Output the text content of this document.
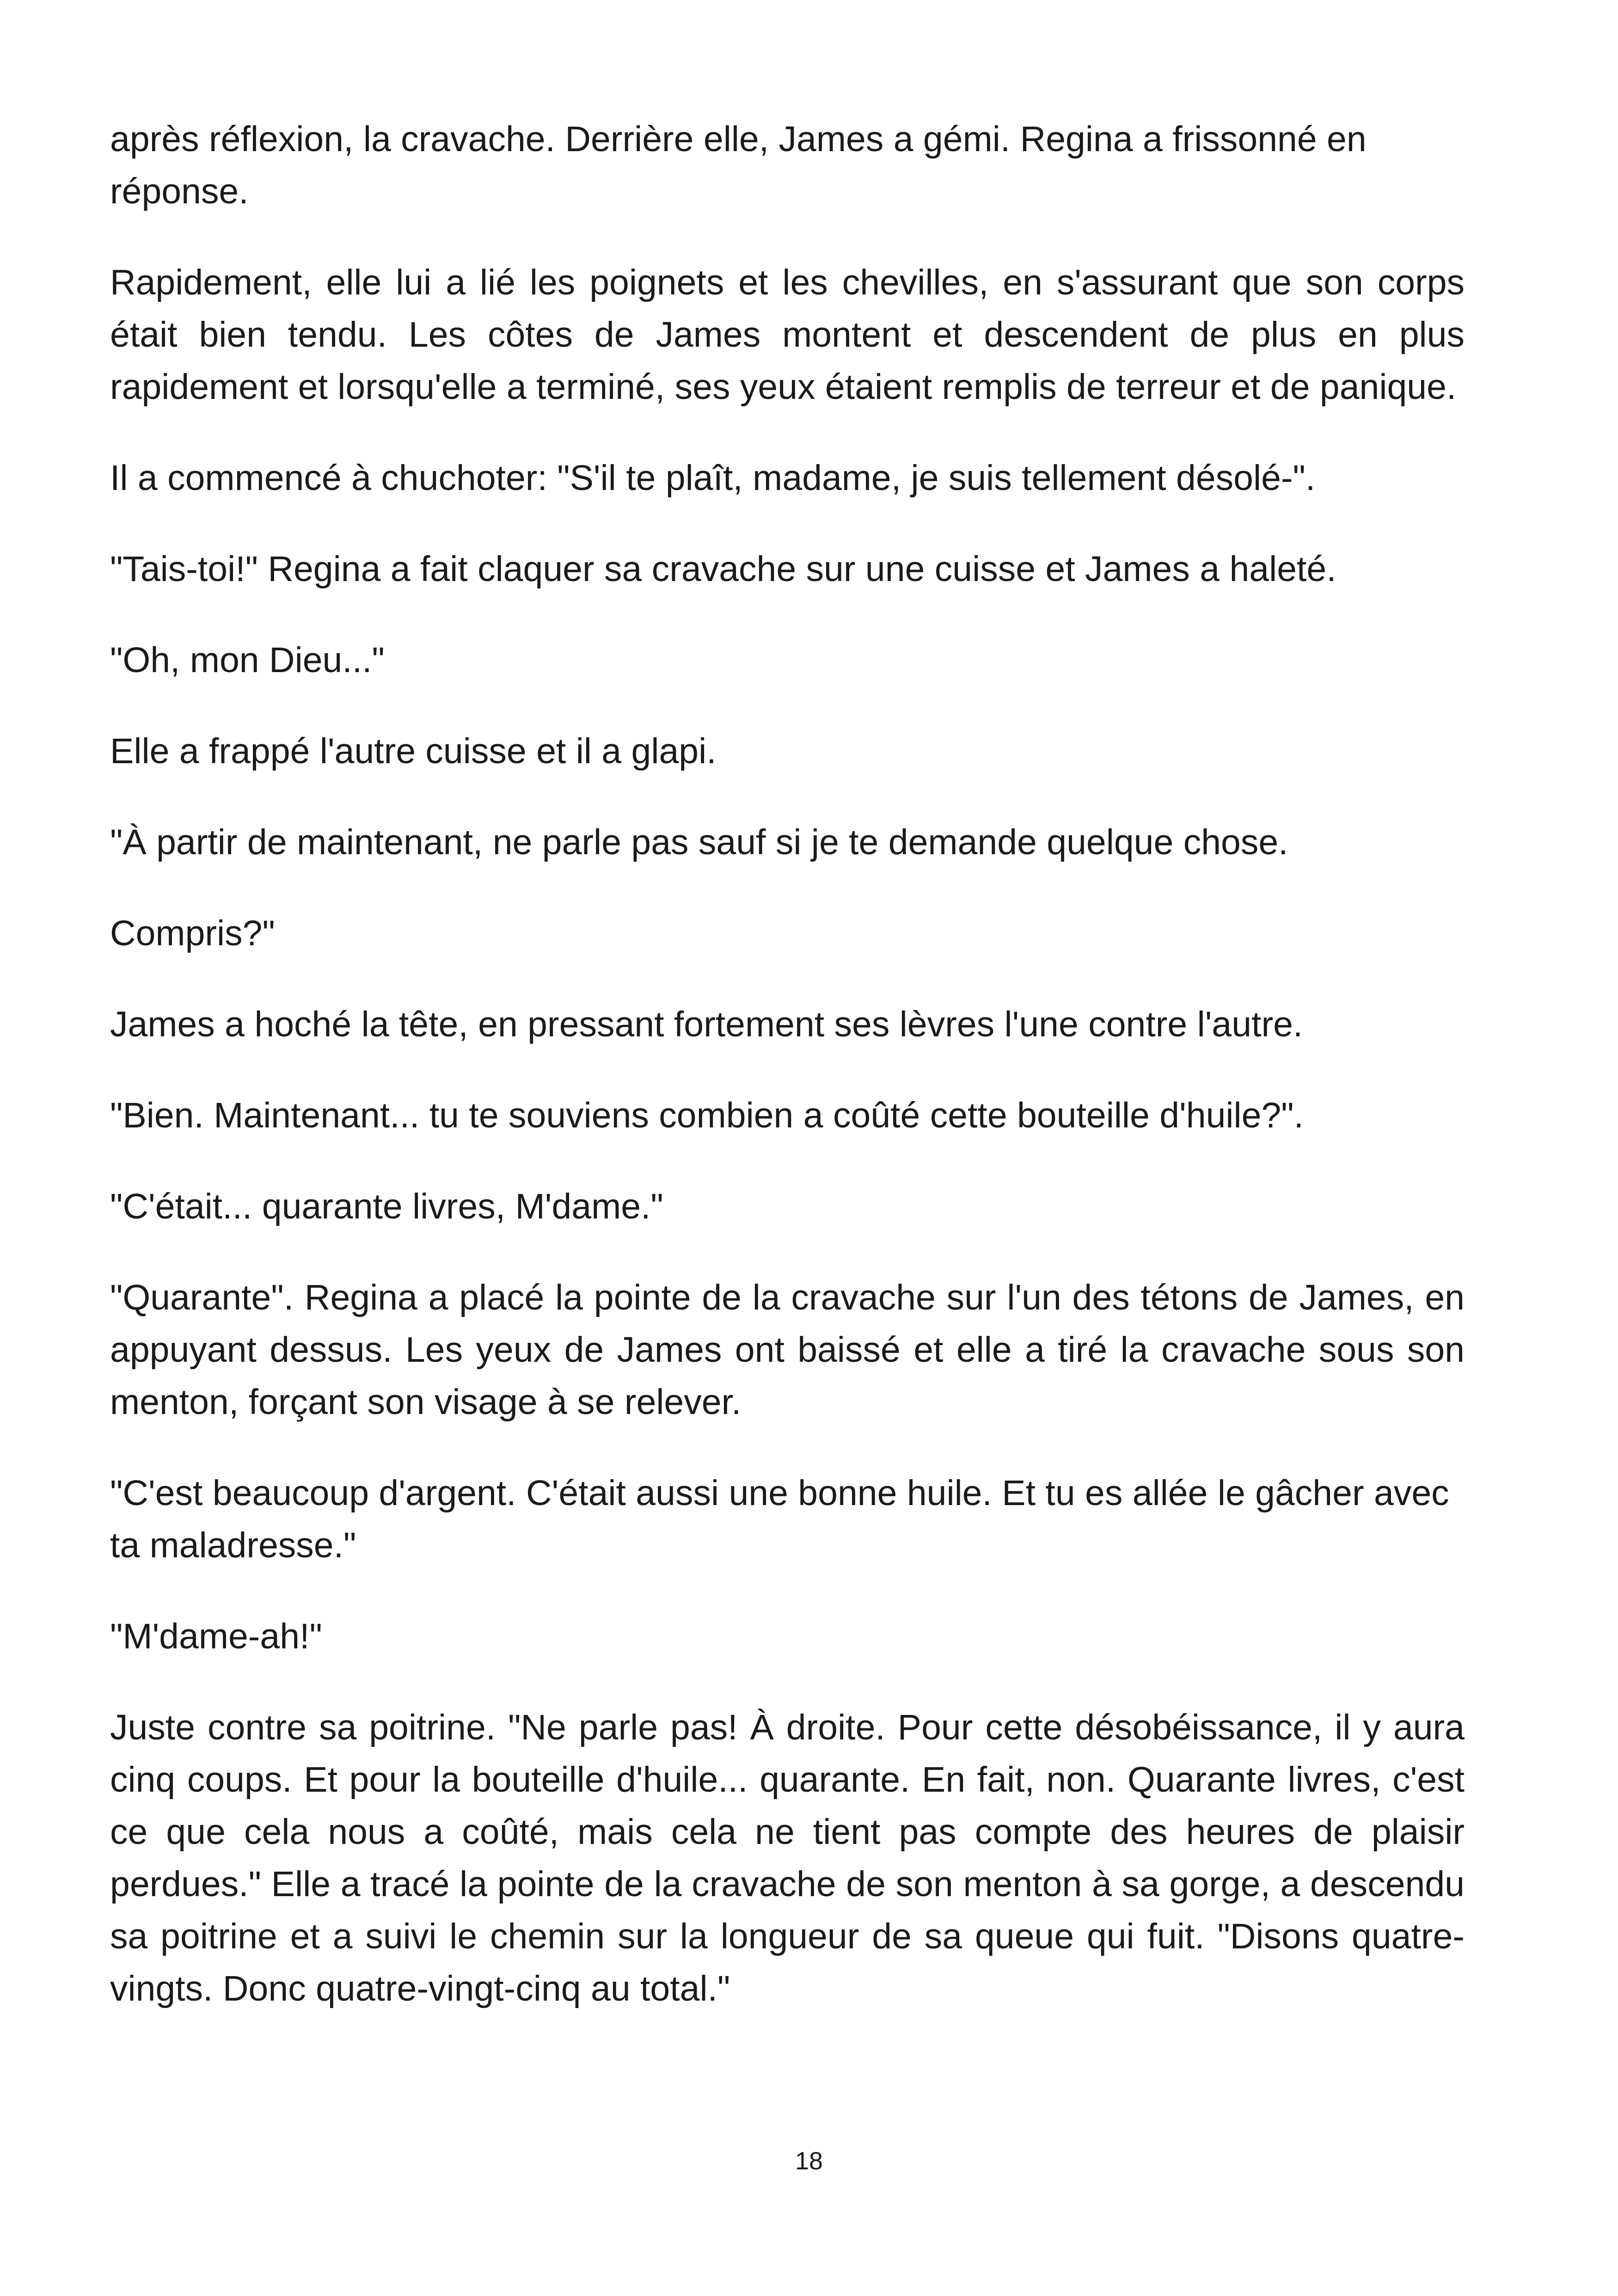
après réflexion, la cravache. Derrière elle, James a gémi. Regina a frissonné en réponse.

Rapidement, elle lui a lié les poignets et les chevilles, en s'assurant que son corps était bien tendu. Les côtes de James montent et descendent de plus en plus rapidement et lorsqu'elle a terminé, ses yeux étaient remplis de terreur et de panique.

Il a commencé à chuchoter: "S'il te plaît, madame, je suis tellement désolé-".

"Tais-toi!" Regina a fait claquer sa cravache sur une cuisse et James a haleté.

"Oh, mon Dieu..."

Elle a frappé l'autre cuisse et il a glapi.

"À partir de maintenant, ne parle pas sauf si je te demande quelque chose.

Compris?"

James a hoché la tête, en pressant fortement ses lèvres l'une contre l'autre.

"Bien. Maintenant... tu te souviens combien a coûté cette bouteille d'huile?".

"C'était... quarante livres, M'dame."

"Quarante". Regina a placé la pointe de la cravache sur l'un des tétons de James, en appuyant dessus. Les yeux de James ont baissé et elle a tiré la cravache sous son menton, forçant son visage à se relever.

"C'est beaucoup d'argent. C'était aussi une bonne huile. Et tu es allée le gâcher avec ta maladresse."

"M'dame-ah!"

Juste contre sa poitrine. "Ne parle pas! À droite. Pour cette désobéissance, il y aura cinq coups. Et pour la bouteille d'huile... quarante. En fait, non. Quarante livres, c'est ce que cela nous a coûté, mais cela ne tient pas compte des heures de plaisir perdues." Elle a tracé la pointe de la cravache de son menton à sa gorge, a descendu sa poitrine et a suivi le chemin sur la longueur de sa queue qui fuit. "Disons quatre-vingts. Donc quatre-vingt-cinq au total."

18
